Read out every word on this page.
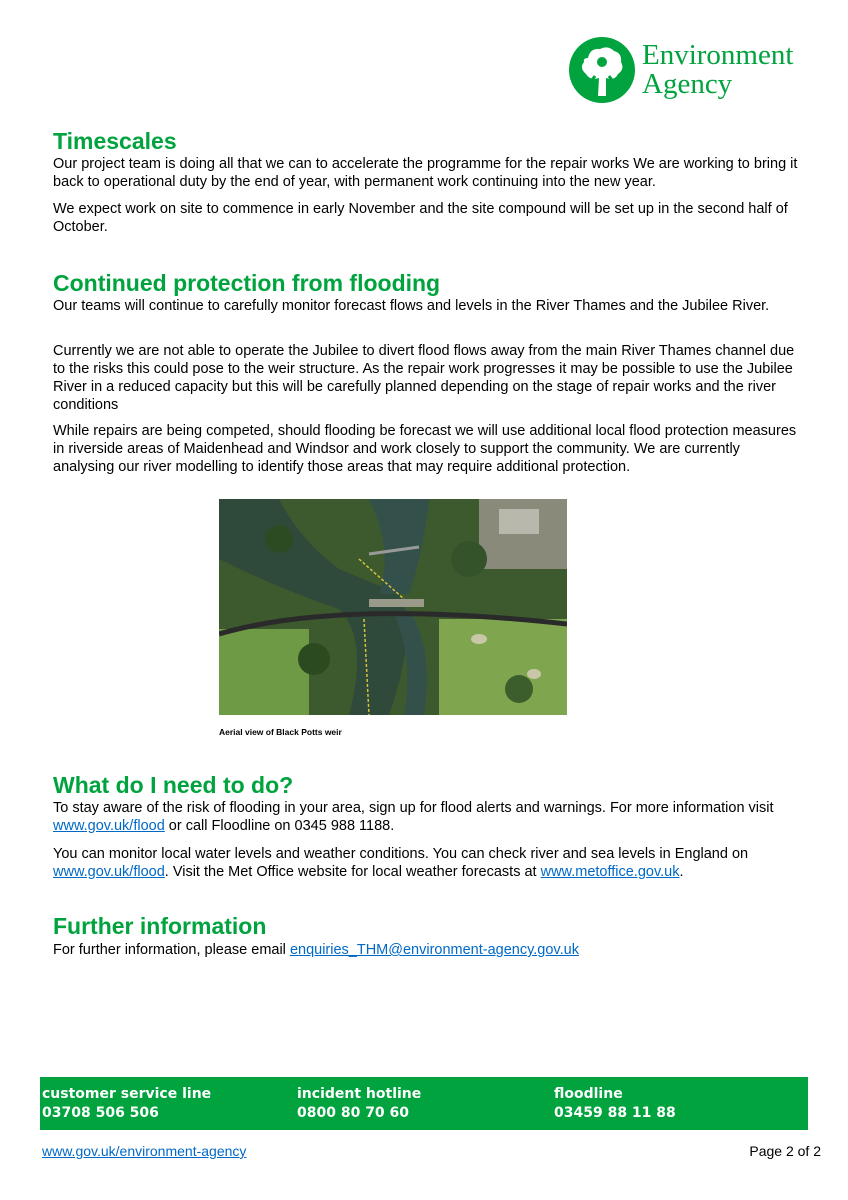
Environment
Agency
Timescales

Our project team is doing all that we can to accelerate the programme for the repair works We are working to bring it back to operational duty by the end of year, with permanent work continuing into the new year.

We expect work on site to commence in early November and the site compound will be set up in the second half of October.

Continued protection from flooding

Our teams will continue to carefully monitor forecast flows and levels in the River Thames and the Jubilee River.

Currently we are not able to operate the Jubilee to divert flood flows away from the main River Thames channel due to the risks this could pose to the weir structure. As the repair work progresses it may be possible to use the Jubilee River in a reduced capacity but this will be carefully planned depending on the stage of repair works and the river conditions

While repairs are being competed, should flooding be forecast we will use additional local flood protection measures in riverside areas of Maidenhead and Windsor and work closely to support the community. We are currently analysing our river modelling to identify those areas that may require additional protection.

Aerial view of Black Potts weir
What do I need to do?

To stay aware of the risk of flooding in your area, sign up for flood alerts and warnings. For more information visit www.gov.uk/flood or call Floodline on 0345 988 1188.

You can monitor local water levels and weather conditions. You can check river and sea levels in England on www.gov.uk/flood. Visit the Met Office website for local weather forecasts at www.metoffice.gov.uk.

Further information

For further information, please email enquiries_THM@environment-agency.gov.uk

customer service line
03708 506 506
incident hotline
0800 80 70 60
floodline
03459 88 11 88
www.gov.uk/environment-agency	Page 2 of 2
